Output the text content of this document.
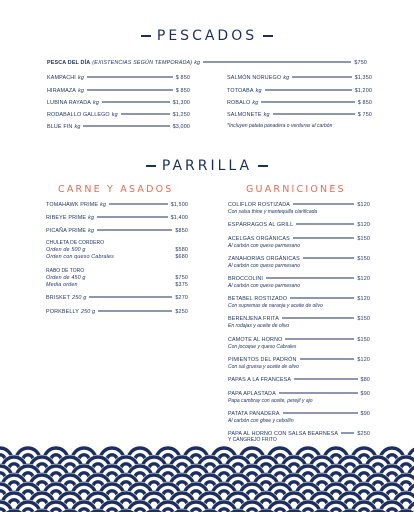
PESCADOS
PESCA DEL DÍA (EXISTENCIAS SEGÚN TEMPORADA) kg	$750
KAMPACHI kg	$ 850
HIRAMAZA kg	$ 850
LUBINA RAYADA kg	$1,300
RODABALLO GALLEGO kg	$1,250
BLUE FIN kg	$3,000
SALMÓN NORUEGO kg	$1,350
TOTOABA kg	$1,200
ROBALO kg	$ 850
SALMONETE kg	$ 750
*Incluyen patata panadera o verduras al carbón
PARRILLA
CARNE Y ASADOS	GUARNICIONES
TOMAHAWK PRIME kg	$1,500
RIBEYE PRIME kg	$1,400
PICAÑA PRIME kg	$850
CHULETA DE CORDERO
Orden de 500 g	$580
Orden con queso Cabrales	$680
RABO DE TORO
Orden de 450 g	$750
Media orden	$375
BRISKET 250 g	$270
PORKBELLY 250 g	$250
COLIFLOR ROSTIZADA	$120
Con salsa thine y mantequilla clarificada
ESPÁRRAGOS AL GRILL	$120
ACELGAS ORGÁNICAS	$150
Al carbón con queso parmesano
ZANAHORIAS ORGÁNICAS	$150
Al carbón con queso parmesano
BROCCOLINI	$120
Al carbón con queso parmesano
BETABEL ROSTIZADO	$120
Con supremas de naranja y aceite de olivo
BERENJENA FRITA	$150
En rodajas y aceite de olivo
CAMOTE AL HORNO	$150
Con jocoque y queso Cabrales
PIMIENTOS DEL PADRÓN	$120
Con sal gruesa y aceite de olivo
PAPAS A LA FRANCESA	$80
PAPA APLASTADA	$90
Papa cambray con aceite, perejil y ajo
PATATA PANADERA	$90
Al carbón con ghee y cebollín
PAPA AL HORNO CON SALSA BEARNESA	$250
Y CANGREJO FRITO
